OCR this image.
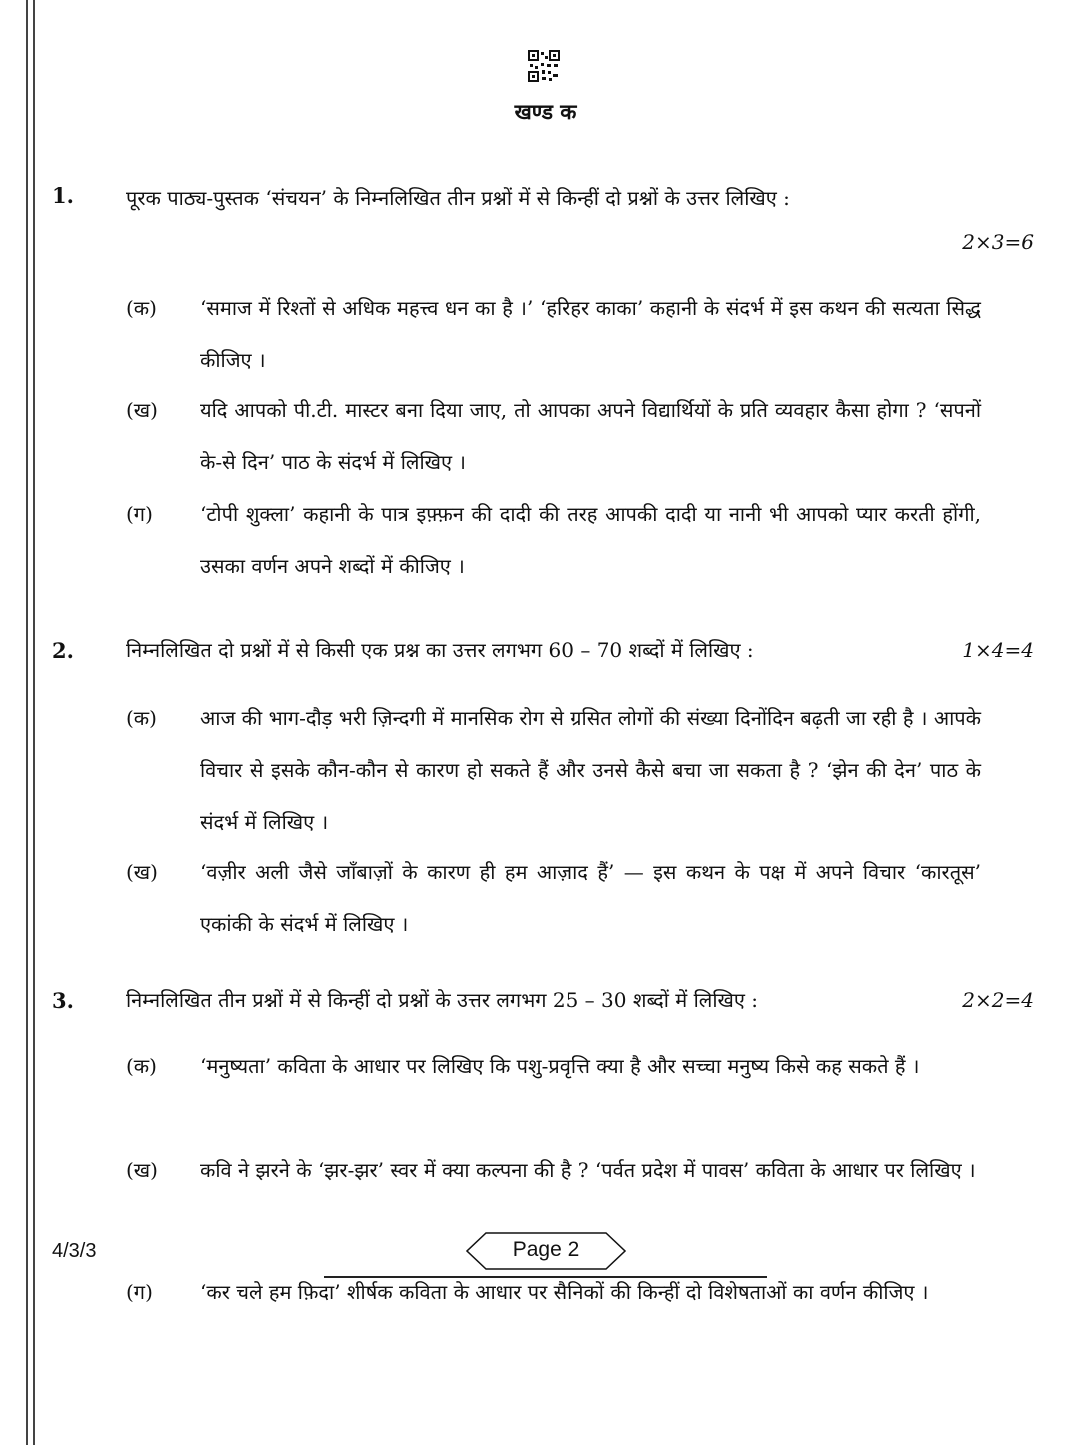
खण्ड क
1.	पूरक पाठ्य-पुस्तक ‘संचयन’ के निम्नलिखित तीन प्रश्नों में से किन्हीं दो प्रश्नों के उत्तर लिखिए :
2×3=6
(क) ‘समाज में रिश्तों से अधिक महत्त्व धन का है ।’ ‘हरिहर काका’ कहानी के संदर्भ में इस कथन की सत्यता सिद्ध कीजिए ।
(ख) यदि आपको पी.टी. मास्टर बना दिया जाए, तो आपका अपने विद्यार्थियों के प्रति व्यवहार कैसा होगा ? ‘सपनों के-से दिन’ पाठ के संदर्भ में लिखिए ।
(ग) ‘टोपी शुक्ला’ कहानी के पात्र इफ़्फ़न की दादी की तरह आपकी दादी या नानी भी आपको प्यार करती होंगी, उसका वर्णन अपने शब्दों में कीजिए ।
2.	निम्नलिखित दो प्रश्नों में से किसी एक प्रश्न का उत्तर लगभग 60 – 70 शब्दों में लिखिए :	1×4=4
(क) आज की भाग-दौड़ भरी ज़िन्दगी में मानसिक रोग से ग्रसित लोगों की संख्या दिनोंदिन बढ़ती जा रही है । आपके विचार से इसके कौन-कौन से कारण हो सकते हैं और उनसे कैसे बचा जा सकता है ? ‘झेन की देन’ पाठ के संदर्भ में लिखिए ।
(ख) ‘वज़ीर अली जैसे जाँबाज़ों के कारण ही हम आज़ाद हैं’ — इस कथन के पक्ष में अपने विचार ‘कारतूस’ एकांकी के संदर्भ में लिखिए ।
3.	निम्नलिखित तीन प्रश्नों में से किन्हीं दो प्रश्नों के उत्तर लगभग 25 – 30 शब्दों में लिखिए :	2×2=4
(क) ‘मनुष्यता’ कविता के आधार पर लिखिए कि पशु-प्रवृत्ति क्या है और सच्चा मनुष्य किसे कह सकते हैं ।
(ख) कवि ने झरने के ‘झर-झर’ स्वर में क्या कल्पना की है ? ‘पर्वत प्रदेश में पावस’ कविता के आधार पर लिखिए ।
(ग) ‘कर चले हम फ़िदा’ शीर्षक कविता के आधार पर सैनिकों की किन्हीं दो विशेषताओं का वर्णन कीजिए ।
4/3/3	Page 2
